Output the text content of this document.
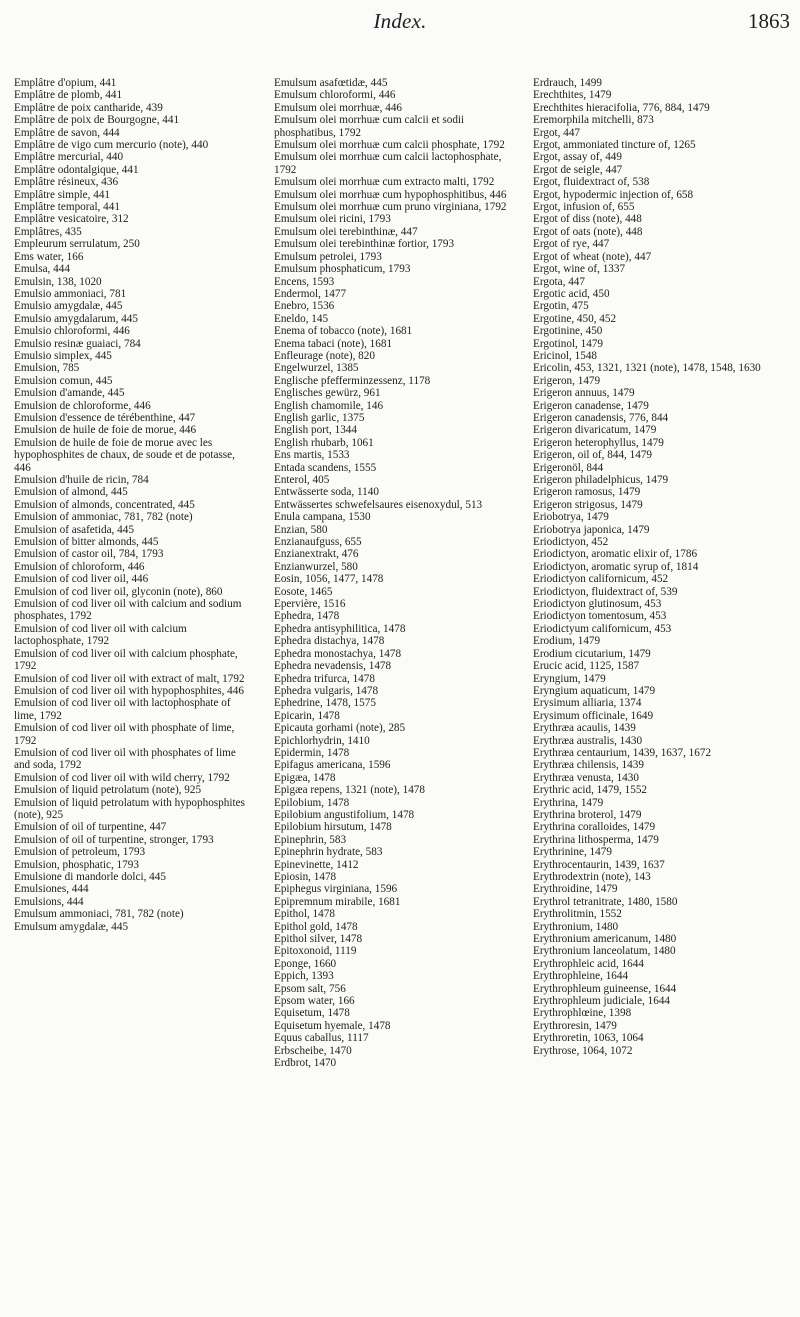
Index.	1863
Emplâtre d'opium, 441
Emplâtre de plomb, 441
Emplâtre de poix cantharide, 439
Emplâtre de poix de Bourgogne, 441
Emplâtre de savon, 444
Emplâtre de vigo cum mercurio (note), 440
Emplâtre mercurial, 440
Emplâtre odontalgique, 441
Emplâtre résineux, 436
Emplâtre simple, 441
Emplâtre temporal, 441
Emplâtre vesicatoire, 312
Emplâtres, 435
Empleurum serrulatum, 250
Ems water, 166
Emulsa, 444
Emulsin, 138, 1020
Emulsio ammoniaci, 781
Emulsio amygdalæ, 445
Emulsio amygdalarum, 445
Emulsio chloroformi, 446
Emulsio resinæ guaiaci, 784
Emulsio simplex, 445
Emulsion, 785
Emulsion comun, 445
Emulsion d'amande, 445
Emulsion de chloroforme, 446
Emulsion d'essence de térébenthine, 447
Emulsion de huile de foie de morue, 446
Emulsion de huile de foie de morue avec les hypophosphites de chaux, de soude et de potasse, 446
Emulsion d'huile de ricin, 784
Emulsion of almond, 445
Emulsion of almonds, concentrated, 445
Emulsion of ammoniac, 781, 782 (note)
Emulsion of asafetida, 445
Emulsion of bitter almonds, 445
Emulsion of castor oil, 784, 1793
Emulsion of chloroform, 446
Emulsion of cod liver oil, 446
Emulsion of cod liver oil, glyconin (note), 860
Emulsion of cod liver oil with calcium and sodium phosphates, 1792
Emulsion of cod liver oil with calcium lactophosphate, 1792
Emulsion of cod liver oil with calcium phosphate, 1792
Emulsion of cod liver oil with extract of malt, 1792
Emulsion of cod liver oil with hypophosphites, 446
Emulsion of cod liver oil with lactophosphate of lime, 1792
Emulsion of cod liver oil with phosphate of lime, 1792
Emulsion of cod liver oil with phosphates of lime and soda, 1792
Emulsion of cod liver oil with wild cherry, 1792
Emulsion of liquid petrolatum (note), 925
Emulsion of liquid petrolatum with hypophosphites (note), 925
Emulsion of oil of turpentine, 447
Emulsion of oil of turpentine, stronger, 1793
Emulsion of petroleum, 1793
Emulsion, phosphatic, 1793
Emulsione di mandorle dolci, 445
Emulsiones, 444
Emulsions, 444
Emulsum ammoniaci, 781, 782 (note)
Emulsum amygdalæ, 445
Emulsum asafœtidæ, 445
Emulsum chloroformi, 446
Emulsum olei morrhuæ, 446
Emulsum olei morrhuæ cum calcii et sodii phosphatibus, 1792
Emulsum olei morrhuæ cum calcii phosphate, 1792
Emulsum olei morrhuæ cum calcii lactophosphate, 1792
Emulsum olei morrhuæ cum extracto malti, 1792
Emulsum olei morrhuæ cum hypophosphitibus, 446
Emulsum olei morrhuæ cum pruno virginiana, 1792
Emulsum olei ricini, 1793
Emulsum olei terebinthinæ, 447
Emulsum olei terebinthinæ fortior, 1793
Emulsum petrolei, 1793
Emulsum phosphaticum, 1793
Encens, 1593
Endermol, 1477
Enebro, 1536
Eneldo, 145
Enema of tobacco (note), 1681
Enema tabaci (note), 1681
Enfleurage (note), 820
Engelwurzel, 1385
Englische pfefferminzessenz, 1178
Englisches gewürz, 961
English chamomile, 146
English garlic, 1375
English port, 1344
English rhubarb, 1061
Ens martis, 1533
Entada scandens, 1555
Enterol, 405
Entwässerte soda, 1140
Entwässertes schwefelsaures eisenoxydul, 513
Enula campana, 1530
Enzian, 580
Enzianaufguss, 655
Enzianextrakt, 476
Enzianwurzel, 580
Eosin, 1056, 1477, 1478
Eosote, 1465
Epervière, 1516
Ephedra, 1478
Ephedra antisyphilitica, 1478
Ephedra distachya, 1478
Ephedra monostachya, 1478
Ephedra nevadensis, 1478
Ephedra trifurca, 1478
Ephedra vulgaris, 1478
Ephedrine, 1478, 1575
Epicarin, 1478
Epicauta gorhami (note), 285
Epichlorhydrin, 1410
Epidermin, 1478
Epifagus americana, 1596
Epigæa, 1478
Epigæa repens, 1321 (note), 1478
Epilobium, 1478
Epilobium angustifolium, 1478
Epilobium hirsutum, 1478
Epinephrin, 583
Epinephrin hydrate, 583
Epinevinette, 1412
Epiosin, 1478
Epiphegus virginiana, 1596
Epipremnum mirabile, 1681
Epithol, 1478
Epithol gold, 1478
Epithol silver, 1478
Epitoxonoid, 1119
Eponge, 1660
Eppich, 1393
Epsom salt, 756
Epsom water, 166
Equisetum, 1478
Equisetum hyemale, 1478
Equus caballus, 1117
Erbscheibe, 1470
Erdbrot, 1470
Erdrauch, 1499
Erechthites, 1479
Erechthites hieracifolia, 776, 884, 1479
Eremorphila mitchelli, 873
Ergot, 447
Ergot, ammoniated tincture of, 1265
Ergot, assay of, 449
Ergot de seigle, 447
Ergot, fluidextract of, 538
Ergot, hypodermic injection of, 658
Ergot, infusion of, 655
Ergot of diss (note), 448
Ergot of oats (note), 448
Ergot of rye, 447
Ergot of wheat (note), 447
Ergot, wine of, 1337
Ergota, 447
Ergotic acid, 450
Ergotin, 475
Ergotine, 450, 452
Ergotinine, 450
Ergotinol, 1479
Ericinol, 1548
Ericolin, 453, 1321, 1321 (note), 1478, 1548, 1630
Erigeron, 1479
Erigeron annuus, 1479
Erigeron canadense, 1479
Erigeron canadensis, 776, 844
Erigeron divaricatum, 1479
Erigeron heterophyllus, 1479
Erigeron, oil of, 844, 1479
Erigeronöl, 844
Erigeron philadelphicus, 1479
Erigeron ramosus, 1479
Erigeron strigosus, 1479
Eriobotrya, 1479
Eriobotrya japonica, 1479
Eriodictyon, 452
Eriodictyon, aromatic elixir of, 1786
Eriodictyon, aromatic syrup of, 1814
Eriodictyon californicum, 452
Eriodictyon, fluidextract of, 539
Eriodictyon glutinosum, 453
Eriodictyon tomentosum, 453
Eriodictyum californicum, 453
Erodium, 1479
Erodium cicutarium, 1479
Erucic acid, 1125, 1587
Eryngium, 1479
Eryngium aquaticum, 1479
Erysimum alliaria, 1374
Erysimum officinale, 1649
Erythræa acaulis, 1439
Erythræa australis, 1430
Erythræa centaurium, 1439, 1637, 1672
Erythræa chilensis, 1439
Erythræa venusta, 1430
Erythric acid, 1479, 1552
Erythrina, 1479
Erythrina broterol, 1479
Erythrina coralloides, 1479
Erythrina lithosperma, 1479
Erythrinine, 1479
Erythrocentaurin, 1439, 1637
Erythrodextrin (note), 143
Erythroidine, 1479
Erythrol tetranitrate, 1480, 1580
Erythrolitmin, 1552
Erythronium, 1480
Erythronium americanum, 1480
Erythronium lanceolatum, 1480
Erythrophleic acid, 1644
Erythrophleine, 1644
Erythrophleum guineense, 1644
Erythrophleum judiciale, 1644
Erythrophlœine, 1398
Erythroresin, 1479
Erythroretin, 1063, 1064
Erythrose, 1064, 1072
